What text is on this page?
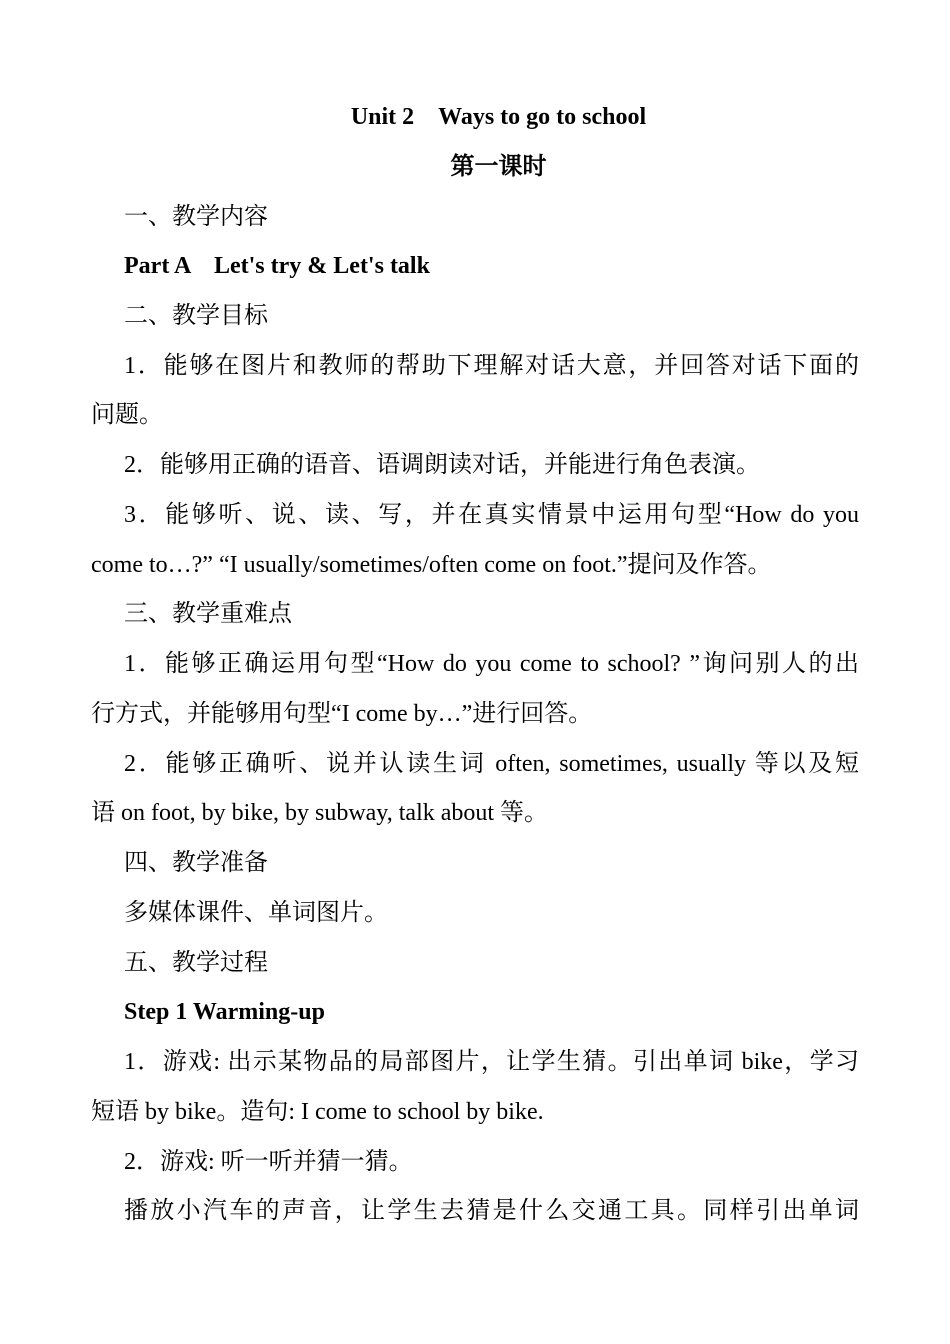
Unit 2　Ways to go to school
第一课时
一、教学内容
Part A　Let's try & Let's talk
二、教学目标
1．能够在图片和教师的帮助下理解对话大意，并回答对话下面的
问题。
2．能够用正确的语音、语调朗读对话，并能进行角色表演。
3．能够听、说、读、写，并在真实情景中运用句型“How do you
come to…?” “I usually/sometimes/often come on foot.”提问及作答。
三、教学重难点
1．能够正确运用句型“How do you come to school? ”询问别人的出
行方式，并能够用句型“I come by…”进行回答。
2．能够正确听、说并认读生词 often, sometimes, usually 等以及短
语 on foot, by bike, by subway, talk about 等。
四、教学准备
多媒体课件、单词图片。
五、教学过程
Step 1 Warming-up
1．游戏: 出示某物品的局部图片，让学生猜。引出单词 bike，学习
短语 by bike。造句: I come to school by bike.
2．游戏: 听一听并猜一猜。
播放小汽车的声音，让学生去猜是什么交通工具。同样引出单词
